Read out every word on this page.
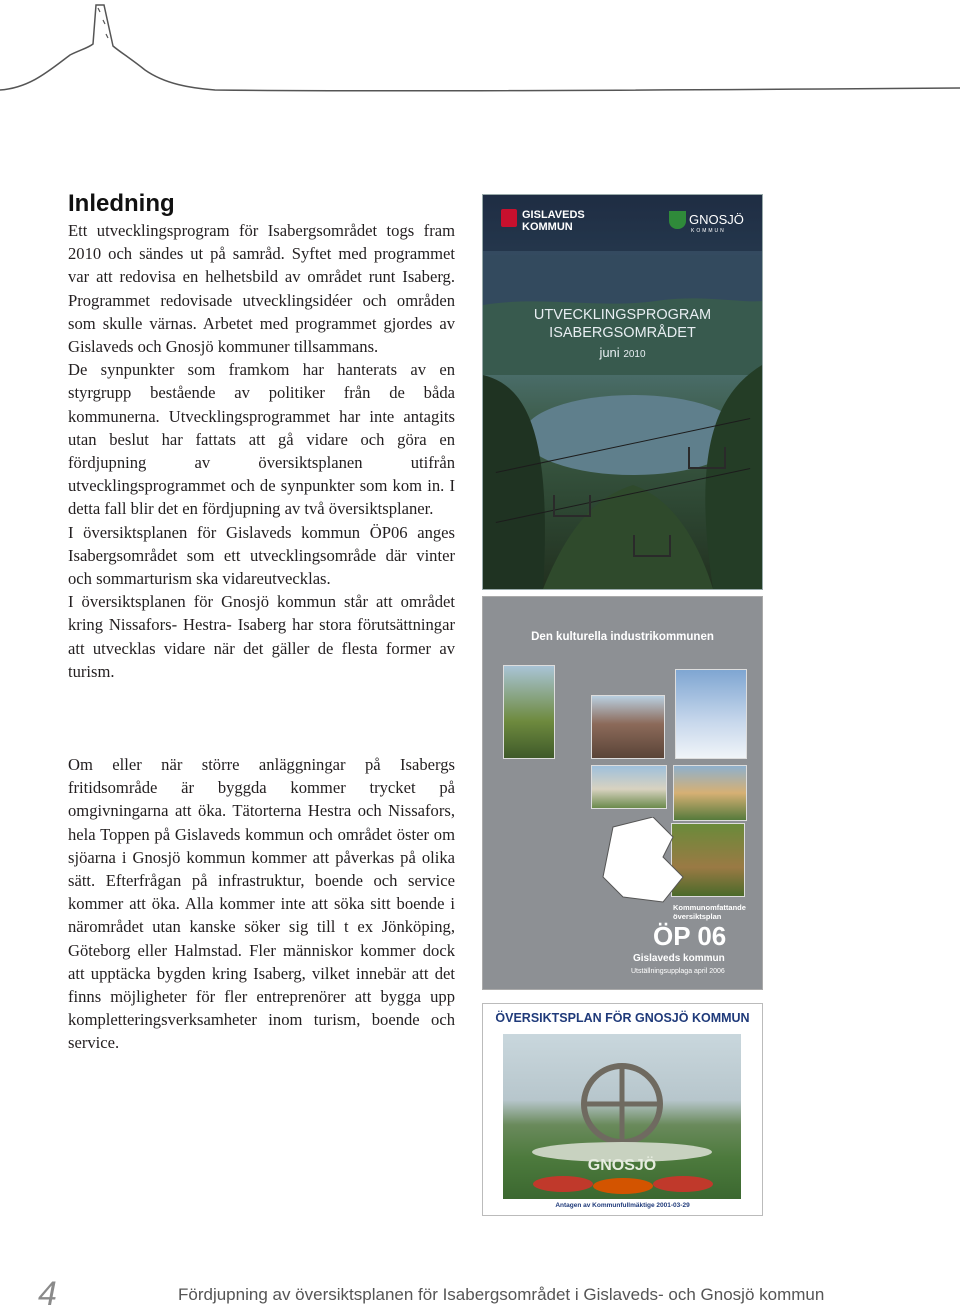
Inledning

Ett utvecklingsprogram för Isabergsområdet togs fram 2010 och sändes ut på samråd. Syftet med programmet var att redovisa en helhetsbild av området runt Isaberg. Programmet redovisade utvecklingsidéer och områden som skulle värnas. Arbetet med programmet gjordes av Gislaveds och Gnosjö kommuner tillsammans.

De synpunkter som framkom har hanterats av en styrgrupp bestående av politiker från de båda kommunerna. Utvecklingsprogrammet har inte antagits utan beslut har fattats att gå vidare och göra en fördjupning av översiktsplanen utifrån utvecklingsprogrammet och de synpunkter som kom in. I detta fall blir det en fördjupning av två översiktsplaner.

I översiktsplanen för Gislaveds kommun ÖP06 anges Isabergsområdet som ett utvecklingsområde där vinter och sommarturism ska vidareutvecklas.

I översiktsplanen för Gnosjö kommun står att området kring Nissafors- Hestra- Isaberg har stora förutsättningar att utvecklas vidare när det gäller de flesta former av turism.

Om eller när större anläggningar på Isabergs fritidsområde är byggda kommer trycket på omgivningarna att öka. Tätorterna Hestra och Nissafors, hela Toppen på Gislaveds kommun och området öster om sjöarna i Gnosjö kommun kommer att påverkas på olika sätt. Efterfrågan på infrastruktur, boende och service kommer att öka. Alla kommer inte att söka sitt boende i närområdet utan kanske söker sig till t ex Jönköping, Göteborg eller Halmstad. Fler människor kommer dock att upptäcka bygden kring Isaberg, vilket innebär att det finns möjligheter för fler entreprenörer att bygga upp kompletteringsverksamheter inom turism, boende och service.

GISLAVEDS KOMMUN	GNOSJÖ
KOMMUN
UTVECKLINGSPROGRAM
ISABERGSOMRÅDET
juni 2010
Den kulturella industrikommunen
Kommunomfattande översiktsplan
ÖP 06
Gislaveds kommun
Utställningsupplaga april 2006
ÖVERSIKTSPLAN FÖR GNOSJÖ KOMMUN
GNOSJÖ
Antagen av Kommunfullmäktige 2001-03-29
4	Fördjupning av översiktsplanen för Isabergsområdet i Gislaveds- och Gnosjö kommun
